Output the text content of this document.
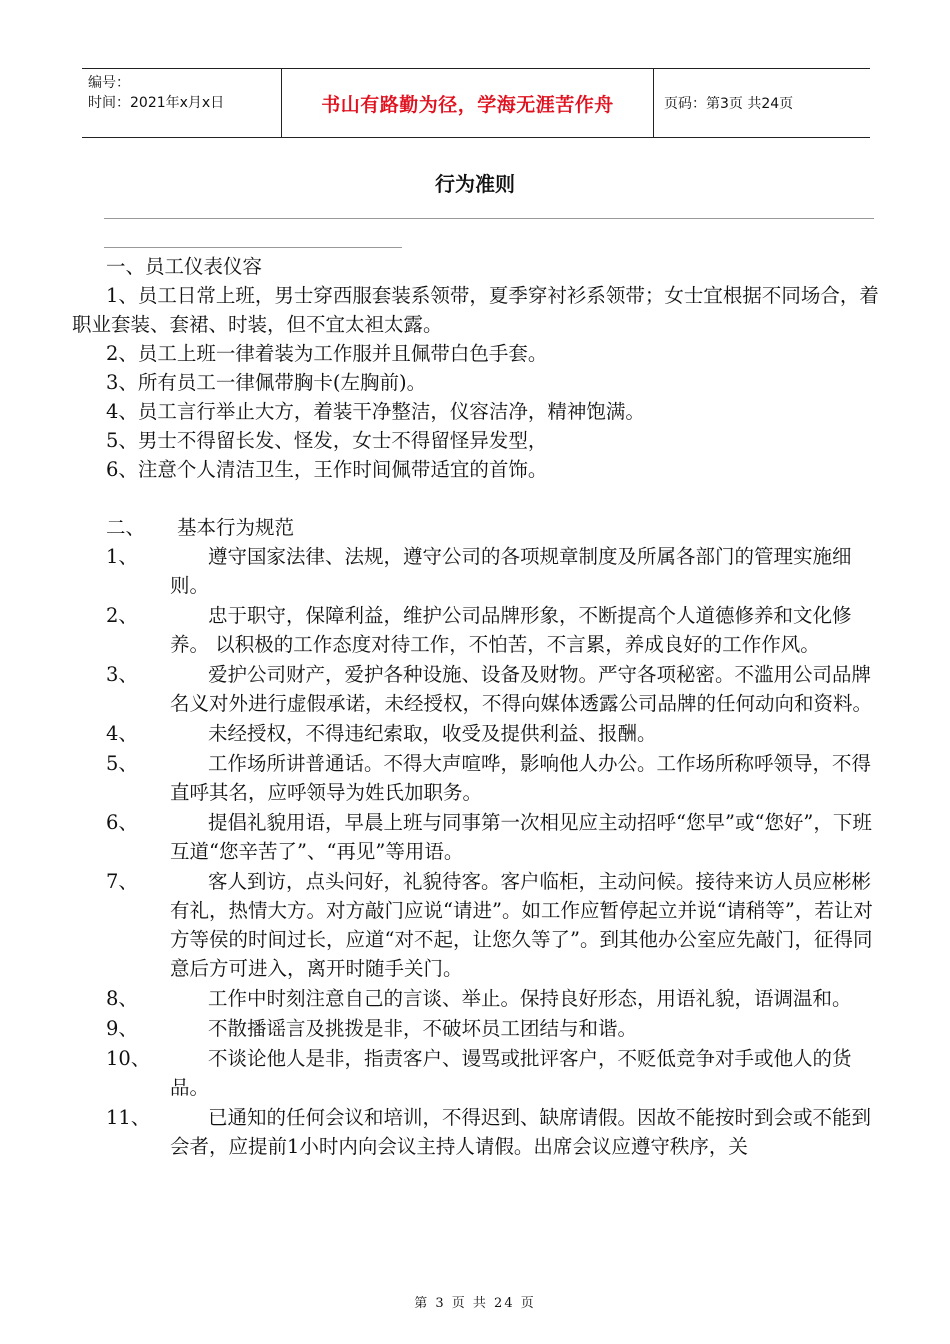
编号：
时间：2021年x月x日	书山有路勤为径，学海无涯苦作舟	页码：第3页 共24页
行为准则
一、员工仪表仪容

1、员工日常上班，男士穿西服套装系领带，夏季穿衬衫系领带；女士宜根据不同场合，着职业套装、套裙、时装，但不宜太袒太露。

2、员工上班一律着装为工作服并且佩带白色手套。
3、所有员工一律佩带胸卡(左胸前)。
4、员工言行举止大方，着装干净整洁，仪容洁净，精神饱满。
5、男士不得留长发、怪发，女士不得留怪异发型，
6、注意个人清洁卫生，王作时间佩带适宜的首饰。
二、 基本行为规范
1、	遵守国家法律、法规，遵守公司的各项规章制度及所属各部门的管理实施细则。
2、	忠于职守，保障利益，维护公司品牌形象，不断提高个人道德修养和文化修养。 以积极的工作态度对待工作，不怕苦，不言累，养成良好的工作作风。
3、	爱护公司财产，爱护各种设施、设备及财物。严守各项秘密。不滥用公司品牌名义对外进行虚假承诺，未经授权，不得向媒体透露公司品牌的任何动向和资料。
4、	未经授权，不得违纪索取，收受及提供利益、报酬。
5、	工作场所讲普通话。不得大声喧哗，影响他人办公。工作场所称呼领导，不得直呼其名，应呼领导为姓氏加职务。
6、	提倡礼貌用语，早晨上班与同事第一次相见应主动招呼“您早”或“您好”，下班互道“您辛苦了”、“再见”等用语。
7、	客人到访，点头问好，礼貌待客。客户临柜，主动问候。接待来访人员应彬彬有礼，热情大方。对方敲门应说“请进”。如工作应暂停起立并说“请稍等”，若让对方等侯的时间过长，应道“对不起，让您久等了”。到其他办公室应先敲门，征得同意后方可进入，离开时随手关门。
8、	工作中时刻注意自己的言谈、举止。保持良好形态，用语礼貌，语调温和。
9、	不散播谣言及挑拨是非，不破坏员工团结与和谐。
10、	不谈论他人是非，指责客户、谩骂或批评客户，不贬低竞争对手或他人的货品。
11、	已通知的任何会议和培训，不得迟到、缺席请假。因故不能按时到会或不能到会者，应提前1小时内向会议主持人请假。出席会议应遵守秩序，关
第 3 页 共 24 页
